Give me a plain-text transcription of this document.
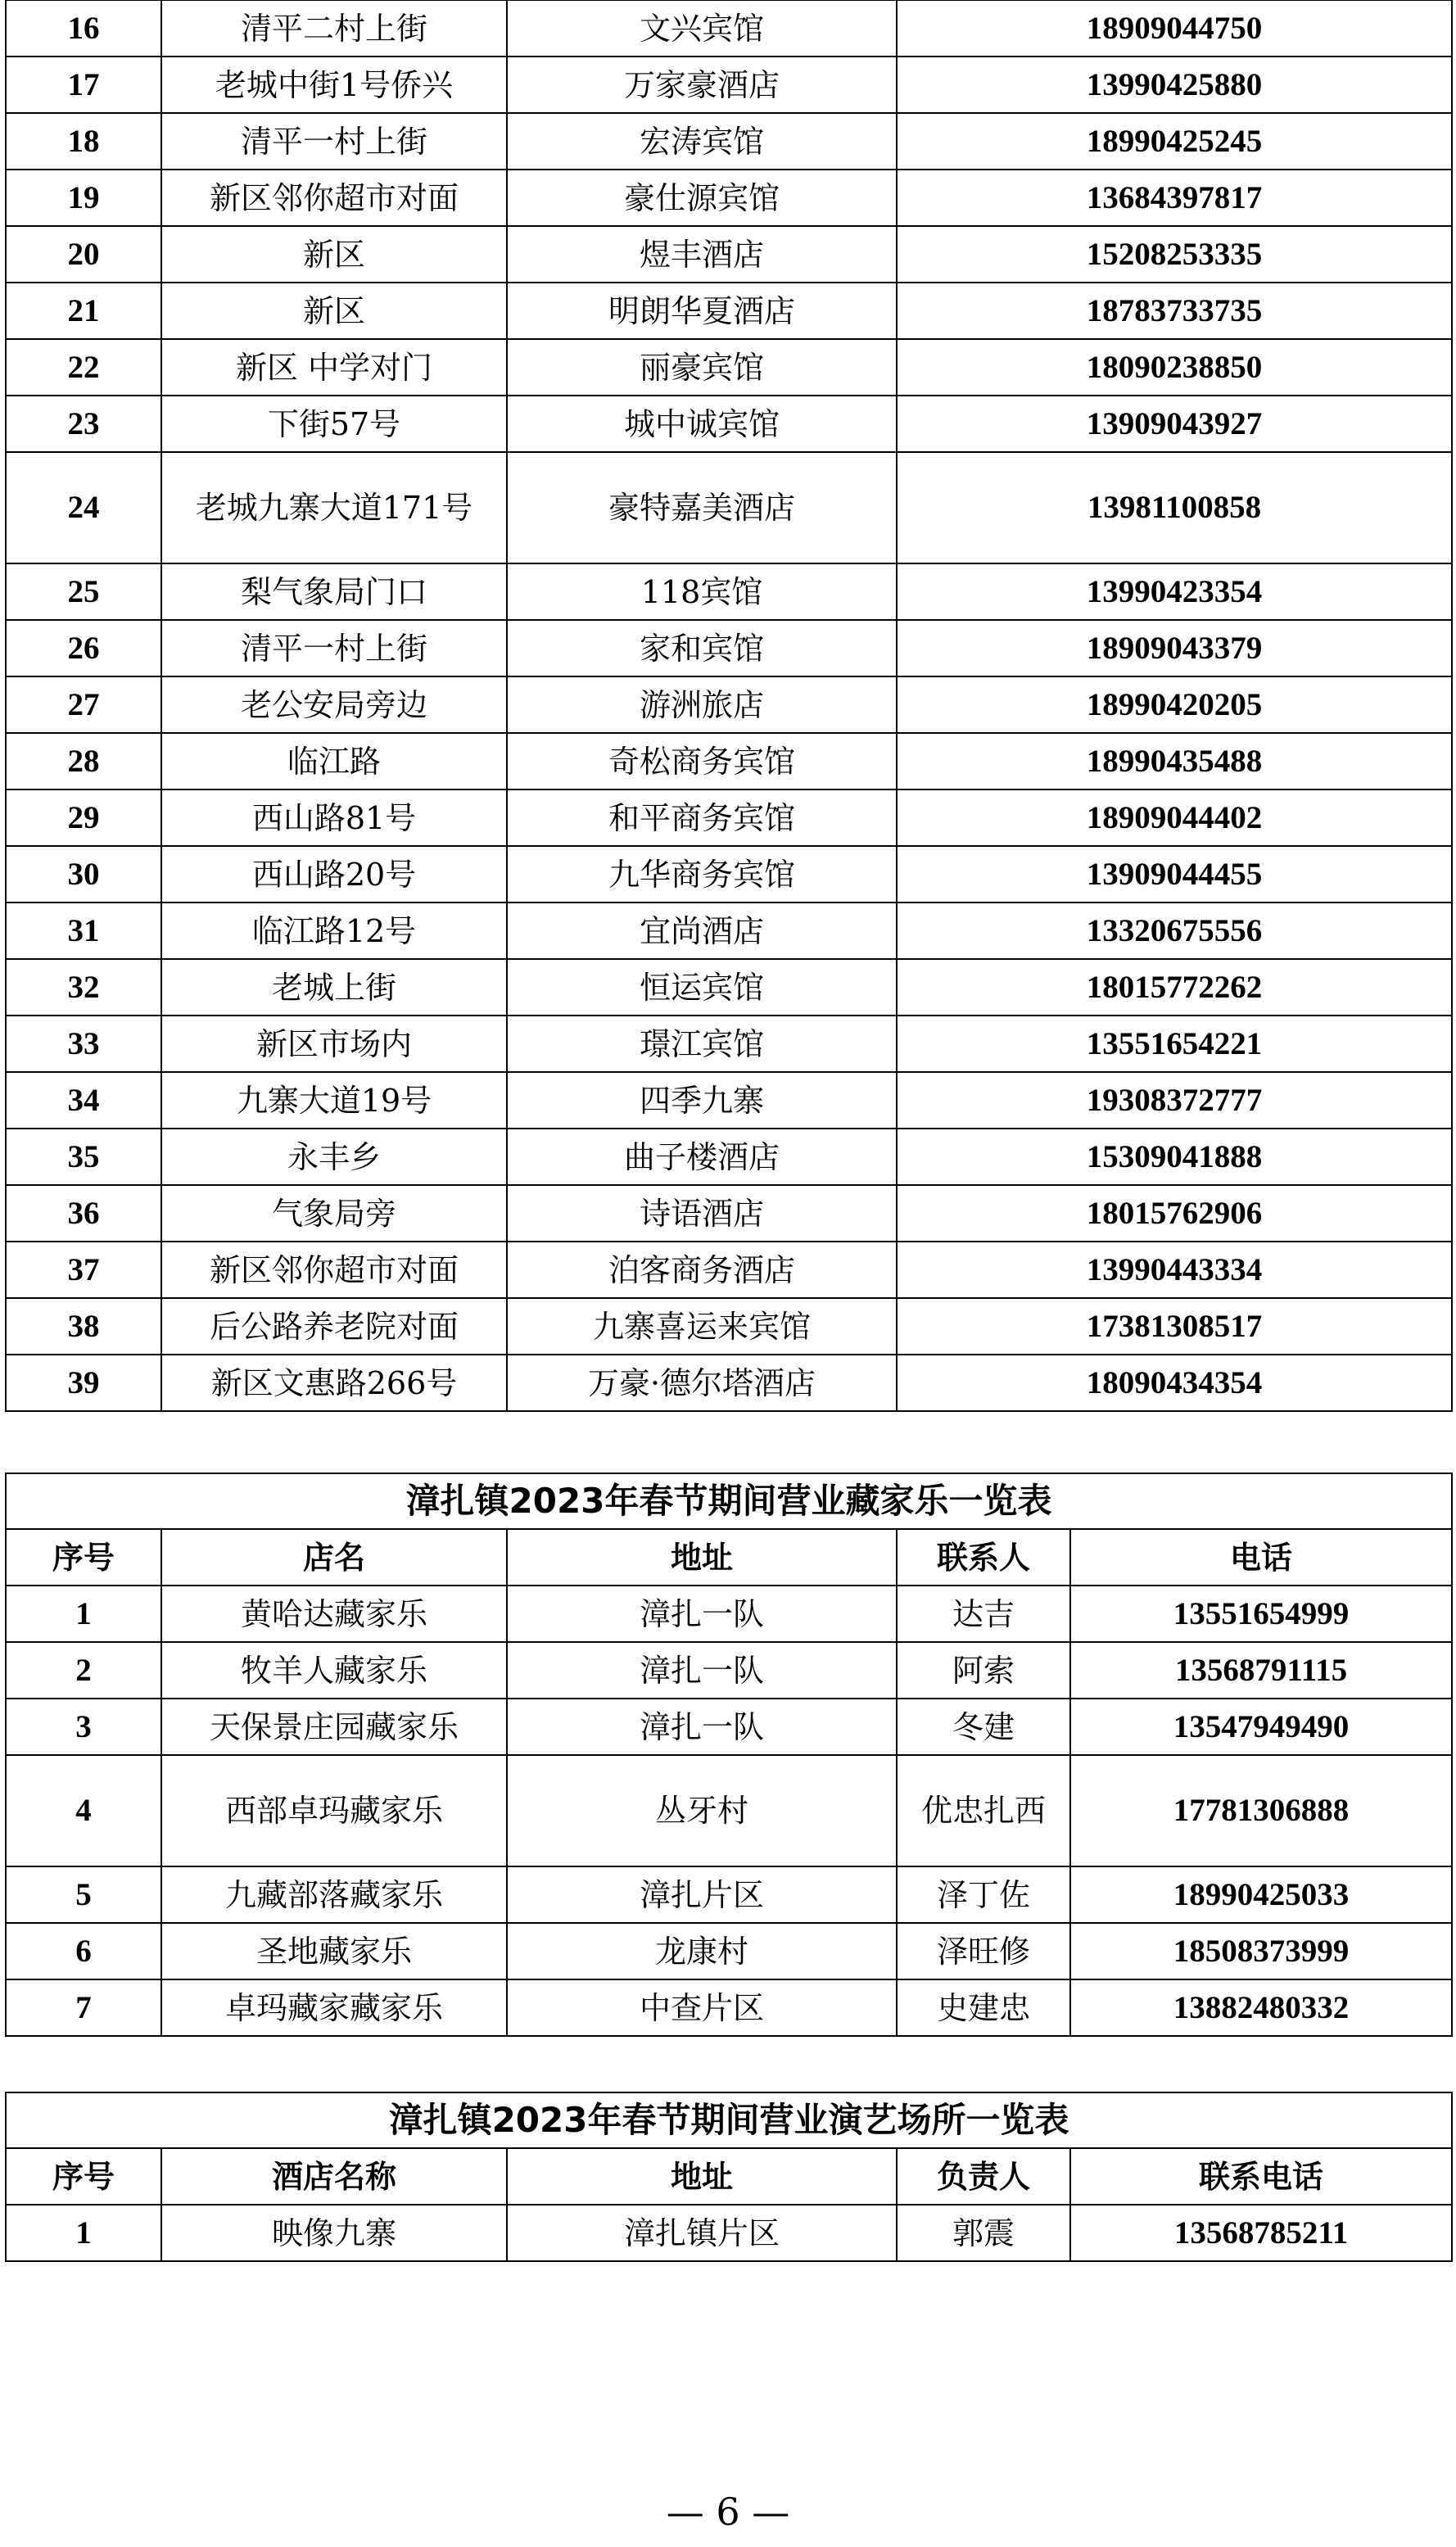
16	清平二村上街	文兴宾馆	18909044750
17	老城中街1号侨兴	万家豪酒店	13990425880
18	清平一村上街	宏涛宾馆	18990425245
19	新区邻你超市对面	豪仕源宾馆	13684397817
20	新区	煜丰酒店	15208253335
21	新区	明朗华夏酒店	18783733735
22	新区 中学对门	丽豪宾馆	18090238850
23	下街57号	城中诚宾馆	13909043927
24	老城九寨大道171号	豪特嘉美酒店	13981100858
25	梨气象局门口	118宾馆	13990423354
26	清平一村上街	家和宾馆	18909043379
27	老公安局旁边	游洲旅店	18990420205
28	临江路	奇松商务宾馆	18990435488
29	西山路81号	和平商务宾馆	18909044402
30	西山路20号	九华商务宾馆	13909044455
31	临江路12号	宜尚酒店	13320675556
32	老城上街	恒运宾馆	18015772262
33	新区市场内	璟江宾馆	13551654221
34	九寨大道19号	四季九寨	19308372777
35	永丰乡	曲子楼酒店	15309041888
36	气象局旁	诗语酒店	18015762906
37	新区邻你超市对面	泊客商务酒店	13990443334
38	后公路养老院对面	九寨喜运来宾馆	17381308517
39	新区文惠路266号	万豪·德尔塔酒店	18090434354
漳扎镇2023年春节期间营业藏家乐一览表				
序号	店名	地址	联系人	电话
1	黄哈达藏家乐	漳扎一队	达吉	13551654999
2	牧羊人藏家乐	漳扎一队	阿索	13568791115
3	天保景庄园藏家乐	漳扎一队	冬建	13547949490
4	西部卓玛藏家乐	丛牙村	优忠扎西	17781306888
5	九藏部落藏家乐	漳扎片区	泽丁佐	18990425033
6	圣地藏家乐	龙康村	泽旺修	18508373999
7	卓玛藏家藏家乐	中查片区	史建忠	13882480332
漳扎镇2023年春节期间营业演艺场所一览表				
序号	酒店名称	地址	负责人	联系电话
1	映像九寨	漳扎镇片区	郭震	13568785211
— 6 —
